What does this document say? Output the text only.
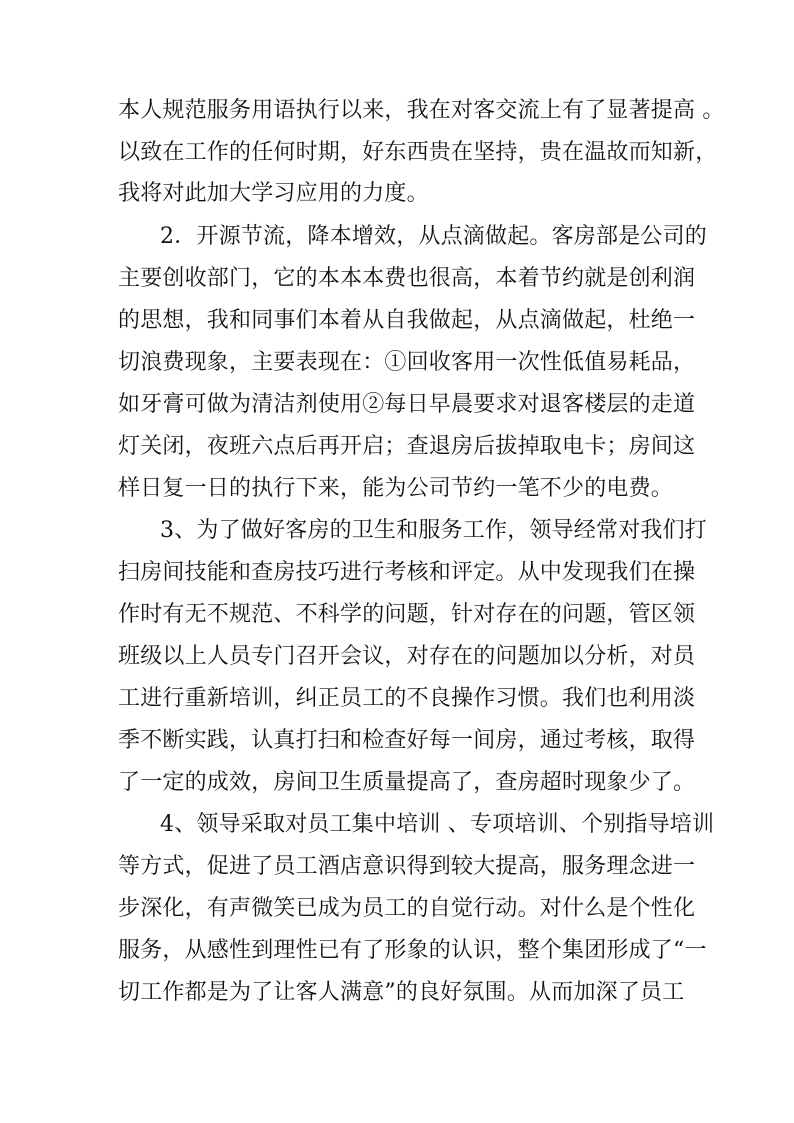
本人规范服务用语执行以来，我在对客交流上有了显著提高 。
以致在工作的任何时期，好东西贵在坚持，贵在温故而知新，
我将对此加大学习应用的力度。
2．开源节流，降本增效，从点滴做起。客房部是公司的
主要创收部门，它的本本本费也很高，本着节约就是创利润
的思想，我和同事们本着从自我做起，从点滴做起，杜绝一
切浪费现象，主要表现在：①回收客用一次性低值易耗品，
如牙膏可做为清洁剂使用②每日早晨要求对退客楼层的走道
灯关闭，夜班六点后再开启；查退房后拔掉取电卡；房间这
样日复一日的执行下来，能为公司节约一笔不少的电费。
3、为了做好客房的卫生和服务工作，领导经常对我们打
扫房间技能和查房技巧进行考核和评定。从中发现我们在操
作时有无不规范、不科学的问题，针对存在的问题，管区领
班级以上人员专门召开会议，对存在的问题加以分析，对员
工进行重新培训，纠正员工的不良操作习惯。我们也利用淡
季不断实践，认真打扫和检查好每一间房，通过考核，取得
了一定的成效，房间卫生质量提高了，查房超时现象少了。
4、领导采取对员工集中培训 、专项培训、个别指导培训
等方式，促进了员工酒店意识得到较大提高，服务理念进一
步深化，有声微笑已成为员工的自觉行动。对什么是个性化
服务，从感性到理性已有了形象的认识，整个集团形成了“一
切工作都是为了让客人满意”的良好氛围。从而加深了员工
